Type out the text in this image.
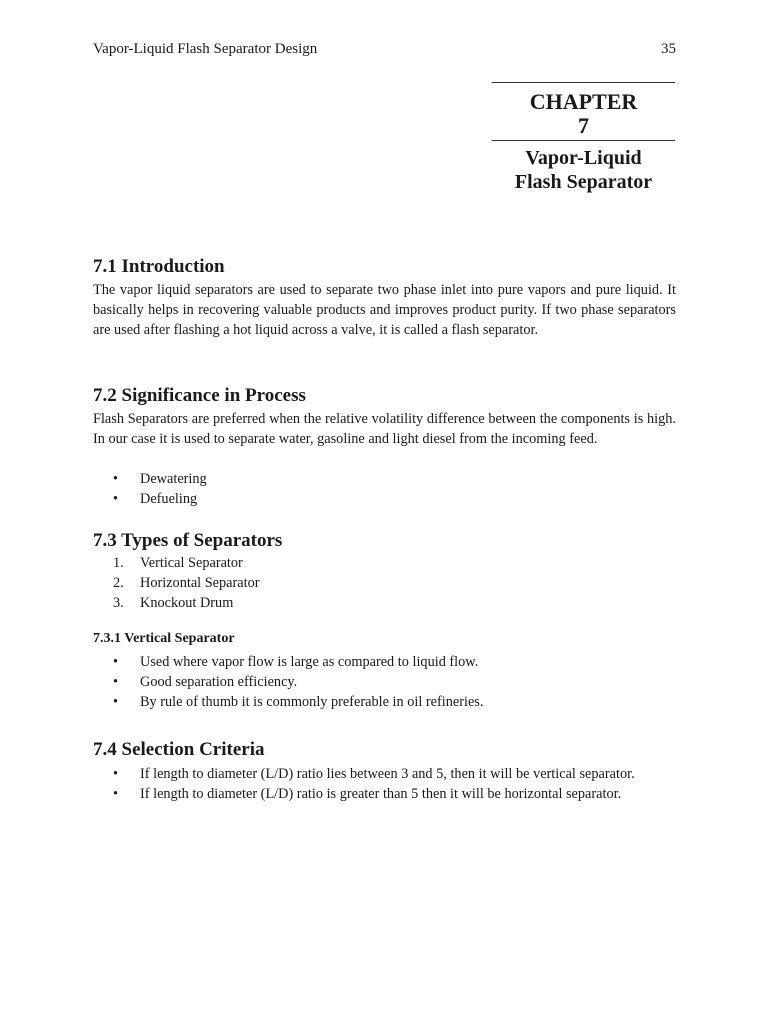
Vapor-Liquid Flash Separator Design	35
CHAPTER
7
Vapor-Liquid
Flash Separator
7.1 Introduction
The vapor liquid separators are used to separate two phase inlet into pure vapors and pure liquid. It basically helps in recovering valuable products and improves product purity. If two phase separators are used after flashing a hot liquid across a valve, it is called a flash separator.
7.2 Significance in Process
Flash Separators are preferred when the relative volatility difference between the components is high. In our case it is used to separate water, gasoline and light diesel from the incoming feed.
• Dewatering
• Defueling
7.3 Types of Separators
1. Vertical Separator
2. Horizontal Separator
3. Knockout Drum
7.3.1 Vertical Separator
• Used where vapor flow is large as compared to liquid flow.
• Good separation efficiency.
• By rule of thumb it is commonly preferable in oil refineries.
7.4 Selection Criteria
• If length to diameter (L/D) ratio lies between 3 and 5, then it will be vertical separator.
• If length to diameter (L/D) ratio is greater than 5 then it will be horizontal separator.
